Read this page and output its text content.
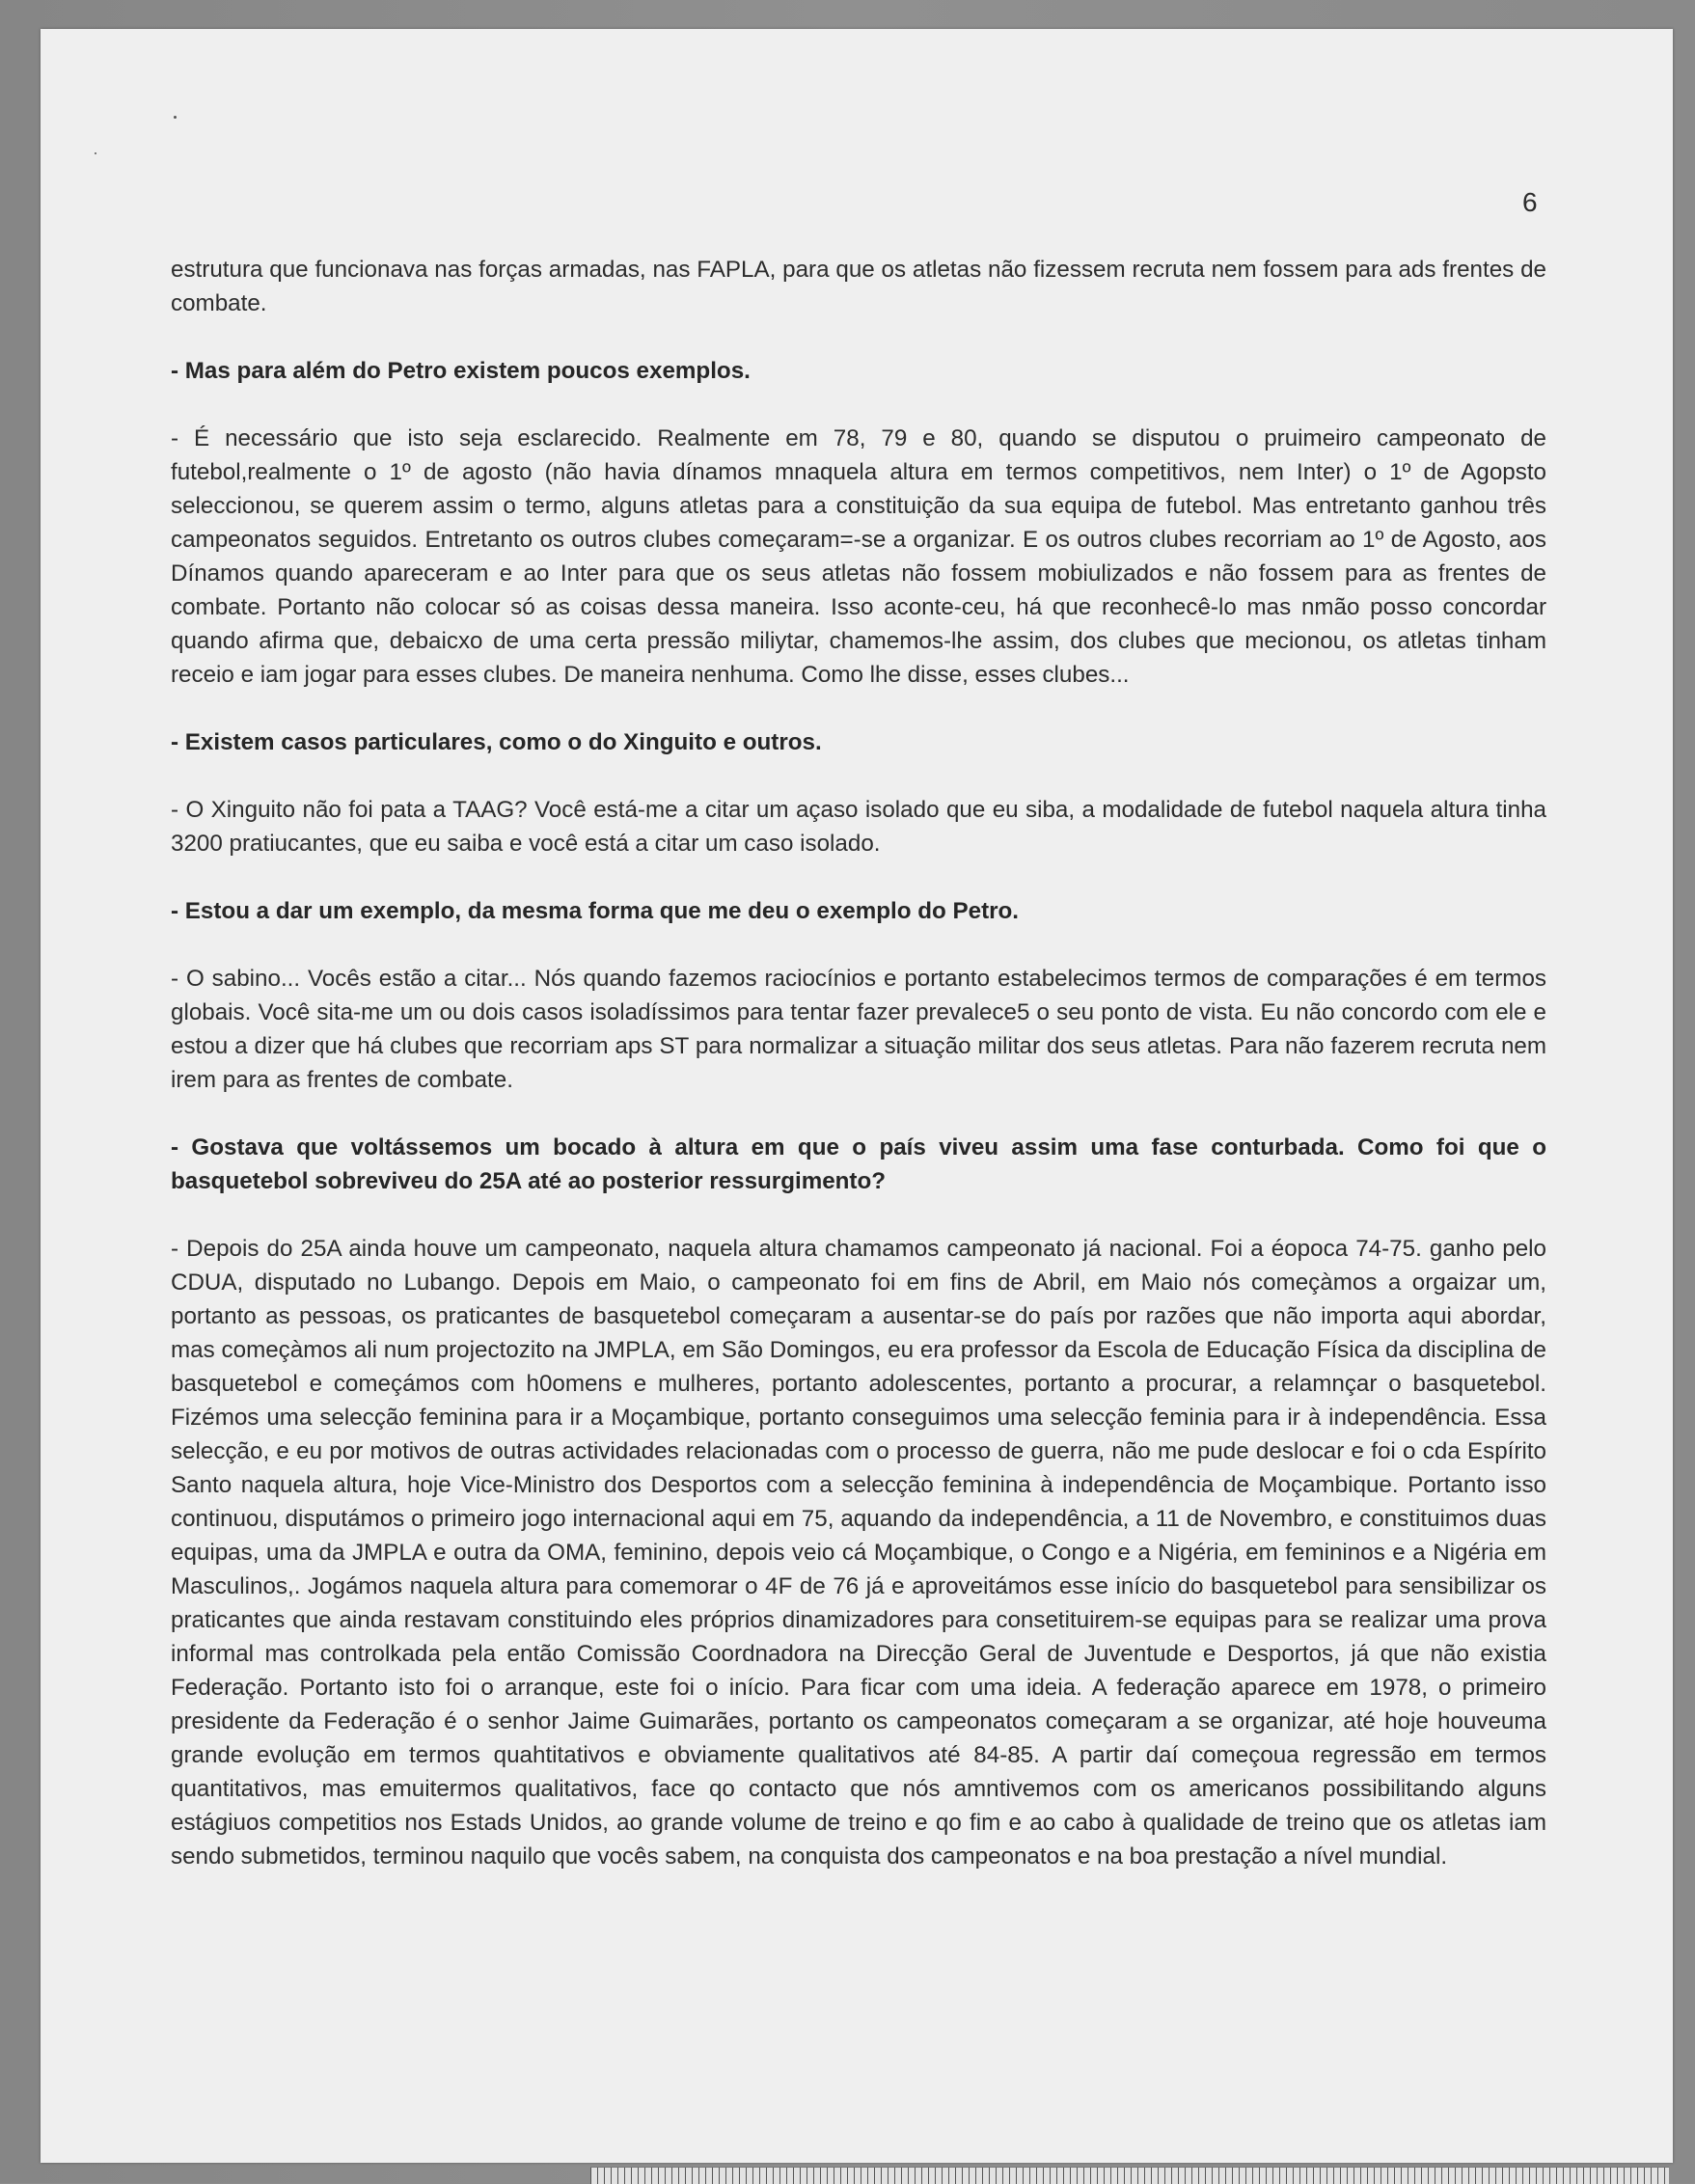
6

estrutura que funcionava nas forças armadas, nas FAPLA, para que os atletas não fizessem recruta nem fossem para ads frentes de combate.

- Mas para além do Petro existem poucos exemplos.

- É necessário que isto seja esclarecido. Realmente em 78, 79 e 80, quando se disputou o pruimeiro campeonato de futebol,realmente o 1º de agosto (não havia dínamos mnaquela altura em termos competitivos, nem Inter) o 1º de Agopsto seleccionou, se querem assim o termo, alguns atletas para a constituição da sua equipa de futebol. Mas entretanto ganhou três campeonatos seguidos. Entretanto os outros clubes começaram=-se a organizar. E os outros clubes recorriam ao 1º de Agosto, aos Dínamos quando apareceram e ao Inter para que os seus atletas não fossem mobiulizados e não fossem para as frentes de combate. Portanto não colocar só as coisas dessa maneira. Isso aconte-ceu, há que reconhecê-lo mas nmão posso concordar quando afirma que, debaicxo de uma certa pressão miliytar, chamemos-lhe assim, dos clubes que mecionou, os atletas tinham receio e iam jogar para esses clubes. De maneira nenhuma. Como lhe disse, esses clubes...

- Existem casos particulares, como o do Xinguito e outros.

- O Xinguito não foi pata a TAAG? Você está-me a citar um açaso isolado que eu siba, a modalidade de futebol naquela altura tinha 3200 pratiucantes, que eu saiba e você está a citar um caso isolado.

- Estou a dar um exemplo, da mesma forma que me deu o exemplo do Petro.

- O sabino... Vocês estão a citar... Nós quando fazemos raciocínios e portanto estabelecimos termos de comparações é em termos globais. Você sita-me um ou dois casos isoladíssimos para tentar fazer prevalece5 o seu ponto de vista. Eu não concordo com ele e estou a dizer que há clubes que recorriam aps ST para normalizar a situação militar dos seus atletas. Para não fazerem recruta nem irem para as frentes de combate.

- Gostava que voltássemos um bocado à altura em que o país viveu assim uma fase conturbada. Como foi que o basquetebol sobreviveu do 25A até ao posterior ressurgimento?

- Depois do 25A ainda houve um campeonato, naquela altura chamamos campeonato já nacional. Foi a éopoca 74-75. ganho pelo CDUA, disputado no Lubango. Depois em Maio, o campeonato foi em fins de Abril, em Maio nós começàmos a orgaizar um, portanto as pessoas, os praticantes de basquetebol começaram a ausentar-se do país por razões que não importa aqui abordar, mas começàmos ali num projectozito na JMPLA, em São Domingos, eu era professor da Escola de Educação Física da disciplina de basquetebol e começámos com h0omens e mulheres, portanto adolescentes, portanto a procurar, a relamnçar o basquetebol. Fizémos uma selecção feminina para ir a Moçambique, portanto conseguimos uma selecção feminia para ir à independência. Essa selecção, e eu por motivos de outras actividades relacionadas com o processo de guerra, não me pude deslocar e foi o cda Espírito Santo naquela altura, hoje Vice-Ministro dos Desportos com a selecção feminina à independência de Moçambique. Portanto isso continuou, disputámos o primeiro jogo internacional aqui em 75, aquando da independência, a 11 de Novembro, e constituimos duas equipas, uma da JMPLA e outra da OMA, feminino, depois veio cá Moçambique, o Congo e a Nigéria, em femininos e a Nigéria em Masculinos,. Jogámos naquela altura para comemorar o 4F de 76 já e aproveitámos esse início do basquetebol para sensibilizar os praticantes que ainda restavam constituindo eles próprios dinamizadores para consetituirem-se equipas para se realizar uma prova informal mas controlkada pela então Comissão Coordnadora na Direcção Geral de Juventude e Desportos, já que não existia Federação. Portanto isto foi o arranque, este foi o início. Para ficar com uma ideia. A federação aparece em 1978, o primeiro presidente da Federação é o senhor Jaime Guimarães, portanto os campeonatos começaram a se organizar, até hoje houveuma grande evolução em termos quahtitativos e obviamente qualitativos até 84-85. A partir daí começoua regressão em termos quantitativos, mas emuitermos qualitativos, face qo contacto que nós amntivemos com os americanos possibilitando alguns estágiuos competitios nos Estads Unidos, ao grande volume de treino e qo fim e ao cabo à qualidade de treino que os atletas iam sendo submetidos, terminou naquilo que vocês sabem, na conquista dos campeonatos e na boa prestação a nível mundial.
